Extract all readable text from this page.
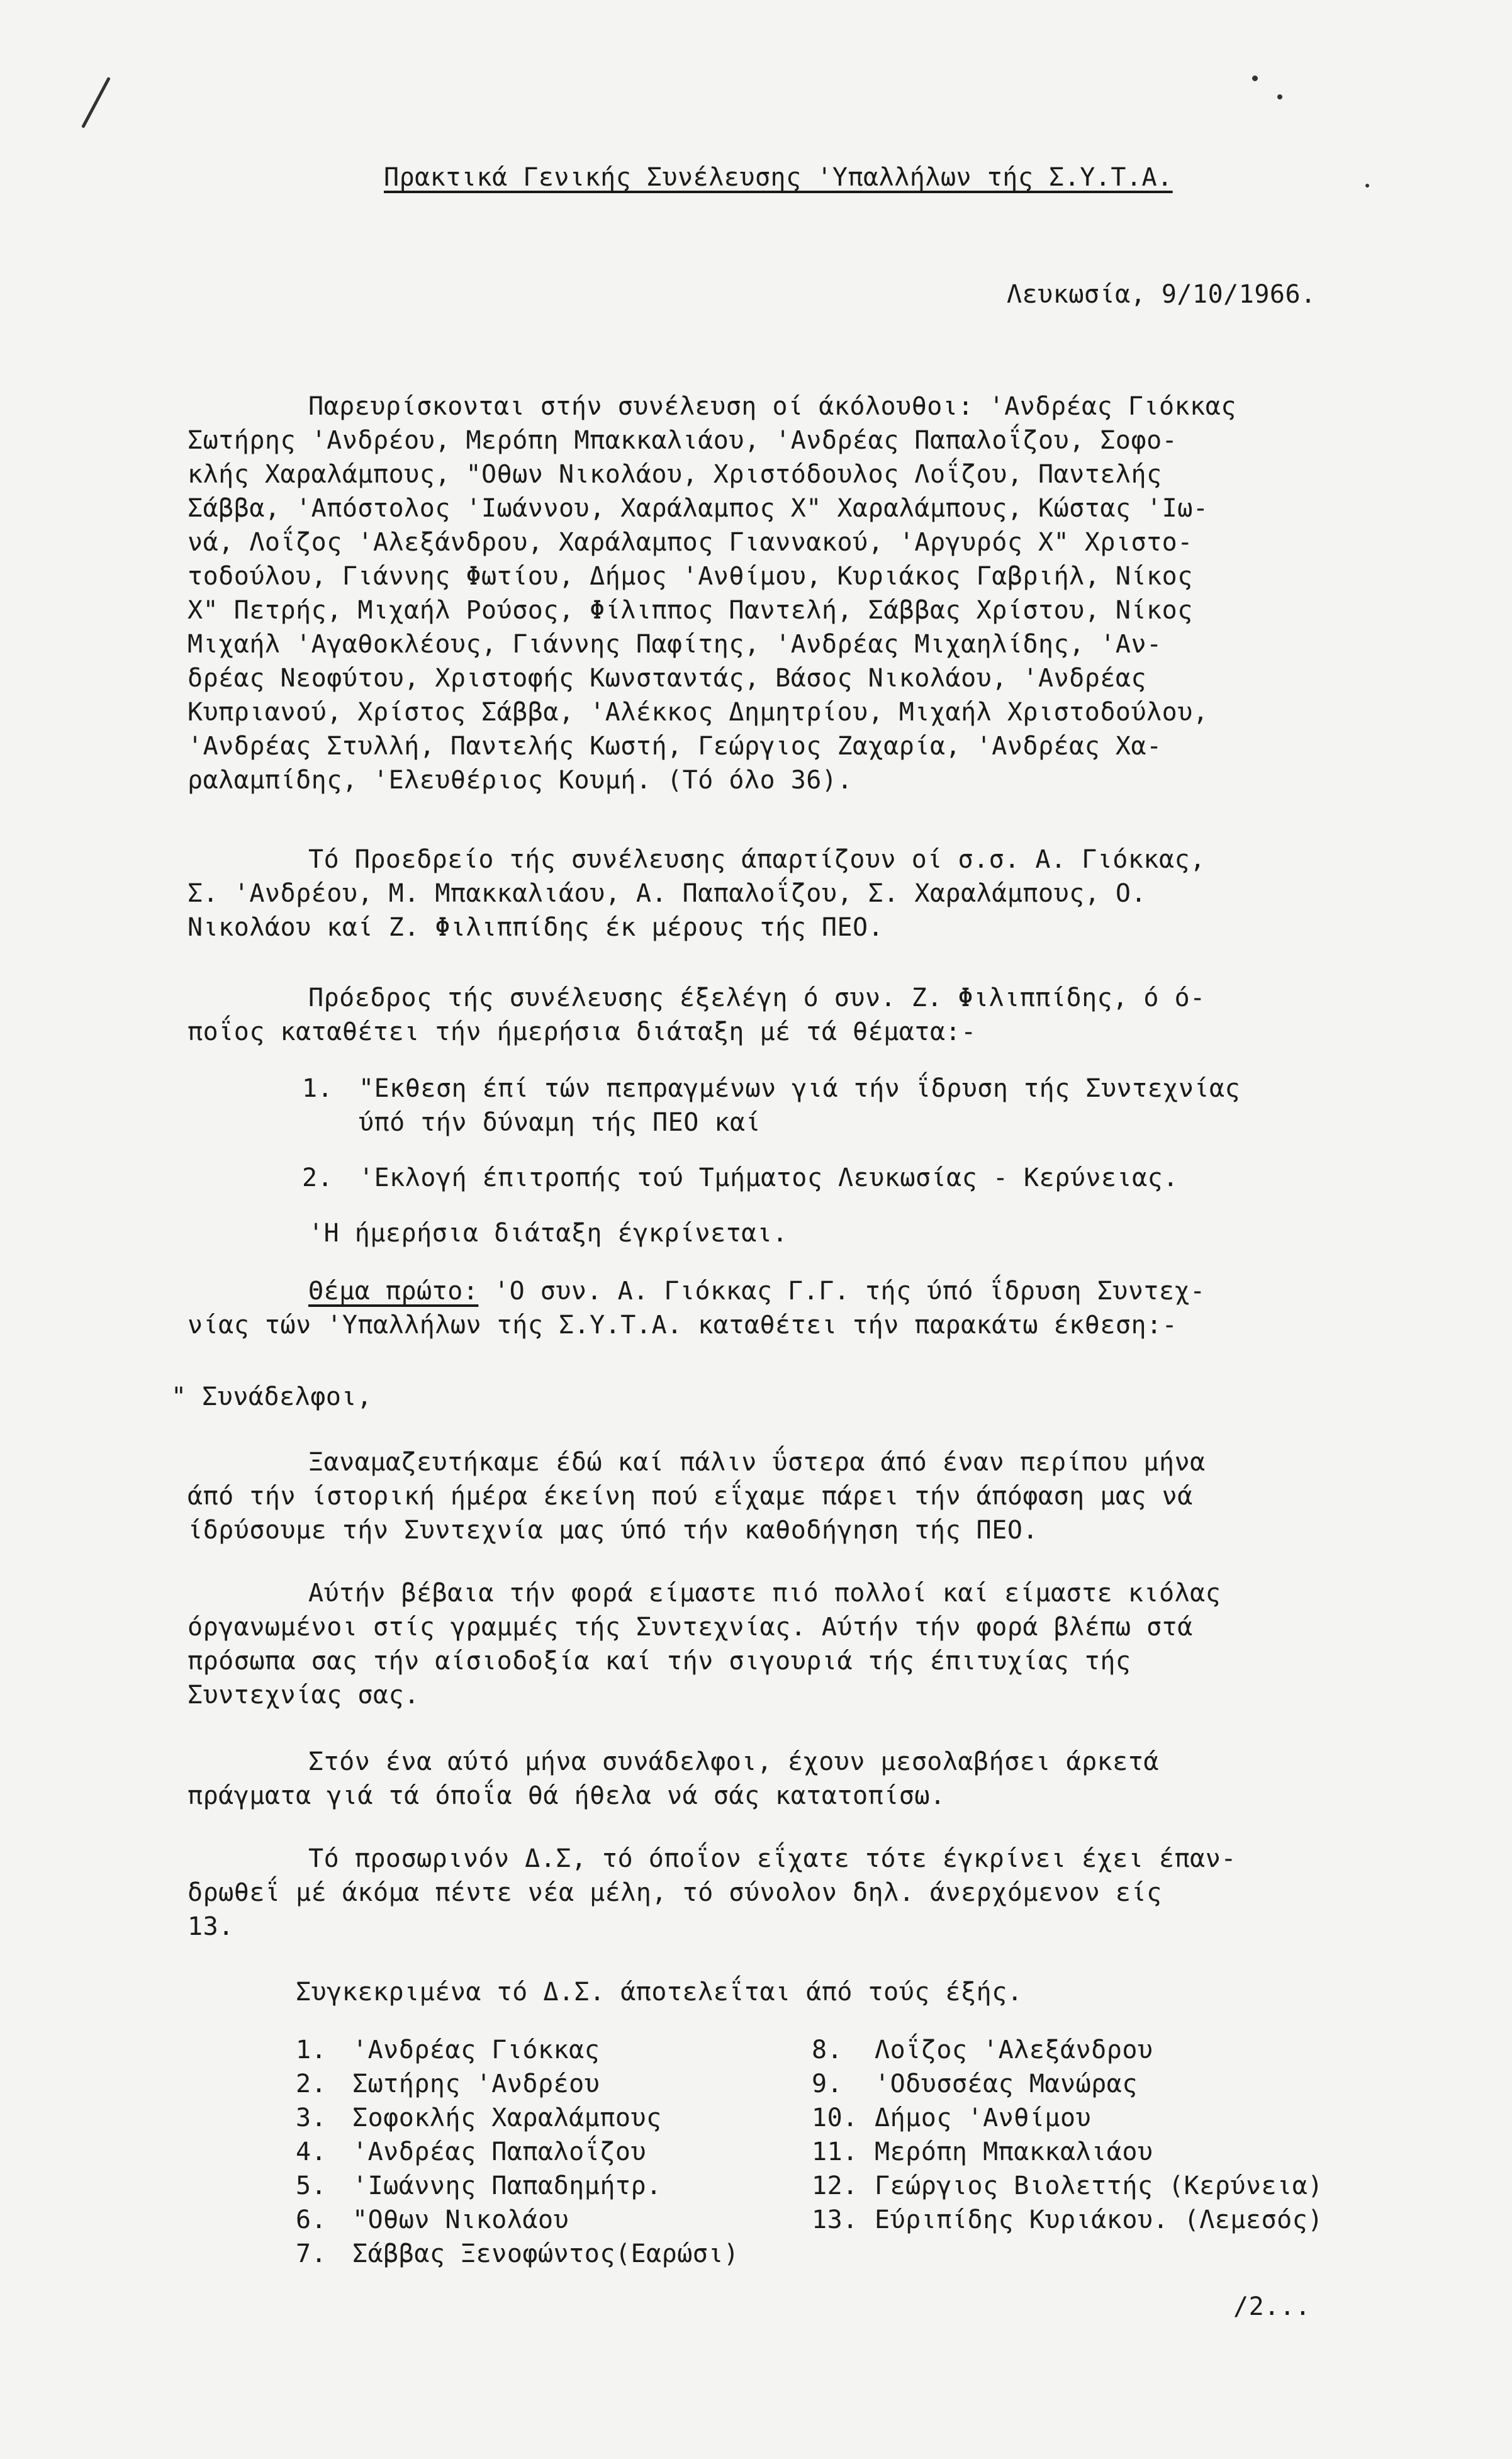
Πρακτικά Γενικής Συνέλευσης 'Υπαλλήλων τής Σ.Υ.Τ.Α.
Λευκωσία, 9/10/1966.
Παρευρίσκονται στήν συνέλευση οί άκόλουθοι: 'Ανδρέας Γιόκκας
Σωτήρης 'Ανδρέου, Μερόπη Μπακκαλιάου, 'Ανδρέας Παπαλοΐζου, Σοφο-
κλής Χαραλάμπους, "Οθων Νικολάου, Χριστόδουλος Λοΐζου, Παντελής
Σάββα, 'Απόστολος 'Ιωάννου, Χαράλαμπος Χ" Χαραλάμπους, Κώστας 'Ιω-
νά, Λοΐζος 'Αλεξάνδρου, Χαράλαμπος Γιαννακού, 'Αργυρός Χ" Χριστο-
τοδούλου, Γιάννης Φωτίου, Δήμος 'Ανθίμου, Κυριάκος Γαβριήλ, Νίκος
Χ" Πετρής, Μιχαήλ Ρούσος, Φίλιππος Παντελή, Σάββας Χρίστου, Νίκος
Μιχαήλ 'Αγαθοκλέους, Γιάννης Παφίτης, 'Ανδρέας Μιχαηλίδης, 'Αν-
δρέας Νεοφύτου, Χριστοφής Κωνσταντάς, Βάσος Νικολάου, 'Ανδρέας
Κυπριανού, Χρίστος Σάββα, 'Αλέκκος Δημητρίου, Μιχαήλ Χριστοδούλου,
'Ανδρέας Στυλλή, Παντελής Κωστή, Γεώργιος Ζαχαρία, 'Ανδρέας Χα-
ραλαμπίδης, 'Ελευθέριος Κουμή. (Τό όλο 36).
Τό Προεδρείο τής συνέλευσης άπαρτίζουν οί σ.σ. Α. Γιόκκας,
Σ. 'Ανδρέου, Μ. Μπακκαλιάου, Α. Παπαλοΐζου, Σ. Χαραλάμπους, Ο.
Νικολάου καί Ζ. Φιλιππίδης έκ μέρους τής ΠΕΟ.
Πρόεδρος τής συνέλευσης έξελέγη ό συν. Ζ. Φιλιππίδης, ό ό-
ποΐος καταθέτει τήν ήμερήσια διάταξη μέ τά θέματα:-
1. "Εκθεση έπί τών πεπραγμένων γιά τήν ΐδρυση τής Συντεχνίας
ύπό τήν δύναμη τής ΠΕΟ καί
2. 'Εκλογή έπιτροπής τού Τμήματος Λευκωσίας - Κερύνειας.
'Η ήμερήσια διάταξη έγκρίνεται.
Θέμα πρώτο: 'Ο συν. Α. Γιόκκας Γ.Γ. τής ύπό ΐδρυση Συντεχ-
νίας τών 'Υπαλλήλων τής Σ.Υ.Τ.Α. καταθέτει τήν παρακάτω έκθεση:-
" Συνάδελφοι,
Ξαναμαζευτήκαμε έδώ καί πάλιν ΰστερα άπό έναν περίπου μήνα
άπό τήν ίστορική ήμέρα έκείνη πού εΐχαμε πάρει τήν άπόφαση μας νά
ίδρύσουμε τήν Συντεχνία μας ύπό τήν καθοδήγηση τής ΠΕΟ.
Αύτήν βέβαια τήν φορά είμαστε πιό πολλοί καί είμαστε κιόλας
όργανωμένοι στίς γραμμές τής Συντεχνίας. Αύτήν τήν φορά βλέπω στά
πρόσωπα σας τήν αίσιοδοξία καί τήν σιγουριά τής έπιτυχίας τής
Συντεχνίας σας.
Στόν ένα αύτό μήνα συνάδελφοι, έχουν μεσολαβήσει άρκετά
πράγματα γιά τά όποΐα θά ήθελα νά σάς κατατοπίσω.
Τό προσωρινόν Δ.Σ, τό όποΐον εΐχατε τότε έγκρίνει έχει έπαν-
δρωθεΐ μέ άκόμα πέντε νέα μέλη, τό σύνολον δηλ. άνερχόμενον είς
13.
Συγκεκριμένα τό Δ.Σ. άποτελεΐται άπό τούς έξής.
1. 'Ανδρέας Γιόκκας
2. Σωτήρης 'Ανδρέου
3. Σοφοκλής Χαραλάμπους
4. 'Ανδρέας Παπαλοΐζου
5. 'Ιωάννης Παπαδημήτρ.
6. "Οθων Νικολάου
7. Σάββας Ξενοφώντος(Εαρώσι)
8. Λοΐζος 'Αλεξάνδρου
9. 'Οδυσσέας Μανώρας
10. Δήμος 'Ανθίμου
11. Μερόπη Μπακκαλιάου
12. Γεώργιος Βιολεττής (Κερύνεια)
13. Εύριπίδης Κυριάκου. (Λεμεσός)
/2...
